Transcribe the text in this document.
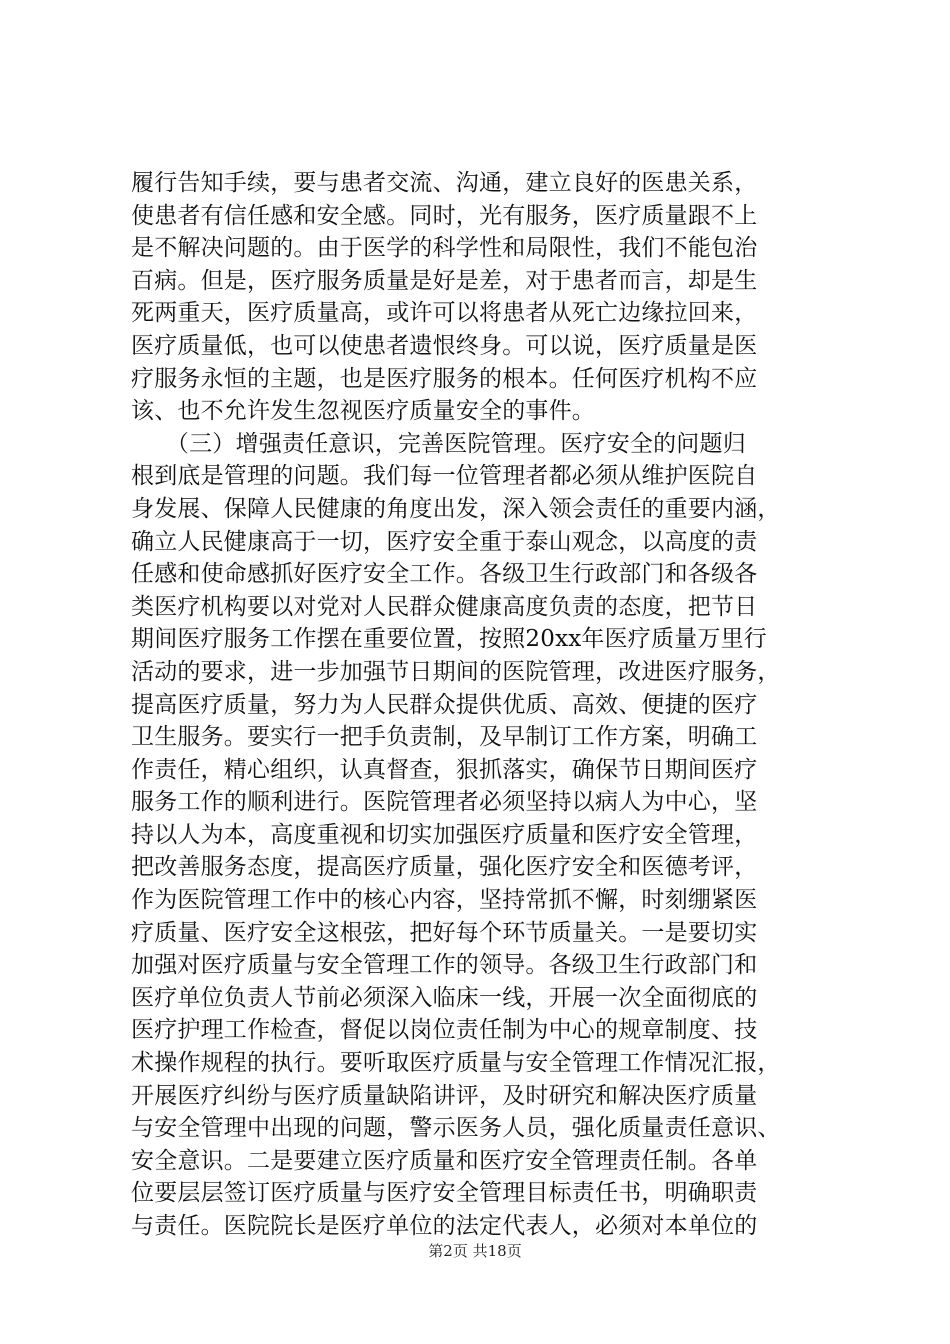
履行告知手续，要与患者交流、沟通，建立良好的医患关系，
使患者有信任感和安全感。同时，光有服务，医疗质量跟不上
是不解决问题的。由于医学的科学性和局限性，我们不能包治
百病。但是，医疗服务质量是好是差，对于患者而言，却是生
死两重天，医疗质量高，或许可以将患者从死亡边缘拉回来，
医疗质量低，也可以使患者遗恨终身。可以说，医疗质量是医
疗服务永恒的主题，也是医疗服务的根本。任何医疗机构不应
该、也不允许发生忽视医疗质量安全的事件。
　　（三）增强责任意识，完善医院管理。医疗安全的问题归
根到底是管理的问题。我们每一位管理者都必须从维护医院自
身发展、保障人民健康的角度出发，深入领会责任的重要内涵，
确立人民健康高于一切，医疗安全重于泰山观念，以高度的责
任感和使命感抓好医疗安全工作。各级卫生行政部门和各级各
类医疗机构要以对党对人民群众健康高度负责的态度，把节日
期间医疗服务工作摆在重要位置，按照20xx年医疗质量万里行
活动的要求，进一步加强节日期间的医院管理，改进医疗服务，
提高医疗质量，努力为人民群众提供优质、高效、便捷的医疗
卫生服务。要实行一把手负责制，及早制订工作方案，明确工
作责任，精心组织，认真督查，狠抓落实，确保节日期间医疗
服务工作的顺利进行。医院管理者必须坚持以病人为中心，坚
持以人为本，高度重视和切实加强医疗质量和医疗安全管理，
把改善服务态度，提高医疗质量，强化医疗安全和医德考评，
作为医院管理工作中的核心内容，坚持常抓不懈，时刻绷紧医
疗质量、医疗安全这根弦，把好每个环节质量关。一是要切实
加强对医疗质量与安全管理工作的领导。各级卫生行政部门和
医疗单位负责人节前必须深入临床一线，开展一次全面彻底的
医疗护理工作检查，督促以岗位责任制为中心的规章制度、技
术操作规程的执行。要听取医疗质量与安全管理工作情况汇报，
开展医疗纠纷与医疗质量缺陷讲评，及时研究和解决医疗质量
与安全管理中出现的问题，警示医务人员，强化质量责任意识、
安全意识。二是要建立医疗质量和医疗安全管理责任制。各单
位要层层签订医疗质量与医疗安全管理目标责任书，明确职责
与责任。医院院长是医疗单位的法定代表人，必须对本单位的
第2页 共18页
